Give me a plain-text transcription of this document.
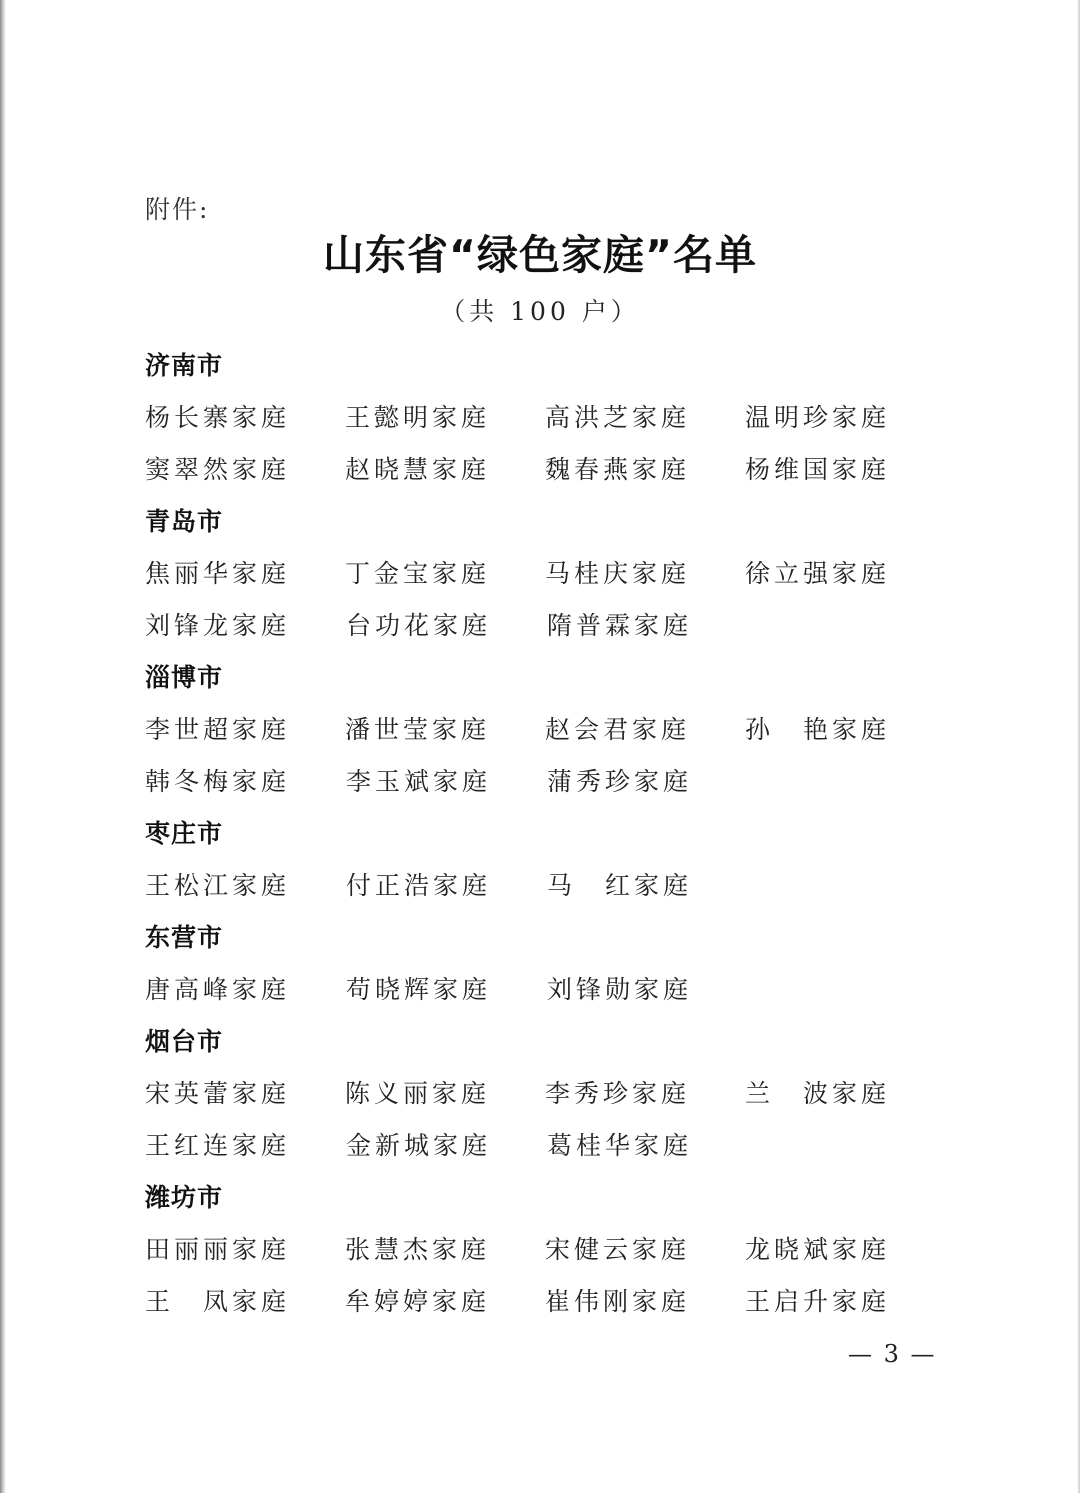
附件:
山东省“绿色家庭”名单
（共 100 户）
济南市
杨长寨家庭	王懿明家庭	高洪芝家庭	温明珍家庭
窦翠然家庭	赵晓慧家庭	魏春燕家庭	杨维国家庭
青岛市
焦丽华家庭	丁金宝家庭	马桂庆家庭	徐立强家庭
刘锋龙家庭	台功花家庭	隋普霖家庭
淄博市
李世超家庭	潘世莹家庭	赵会君家庭	孙　艳家庭
韩冬梅家庭	李玉斌家庭	蒲秀珍家庭
枣庄市
王松江家庭	付正浩家庭	马　红家庭
东营市
唐高峰家庭	苟晓辉家庭	刘锋勋家庭
烟台市
宋英蕾家庭	陈义丽家庭	李秀珍家庭	兰　波家庭
王红连家庭	金新城家庭	葛桂华家庭
潍坊市
田丽丽家庭	张慧杰家庭	宋健云家庭	龙晓斌家庭
王　凤家庭	牟婷婷家庭	崔伟刚家庭	王启升家庭
— 3 —
